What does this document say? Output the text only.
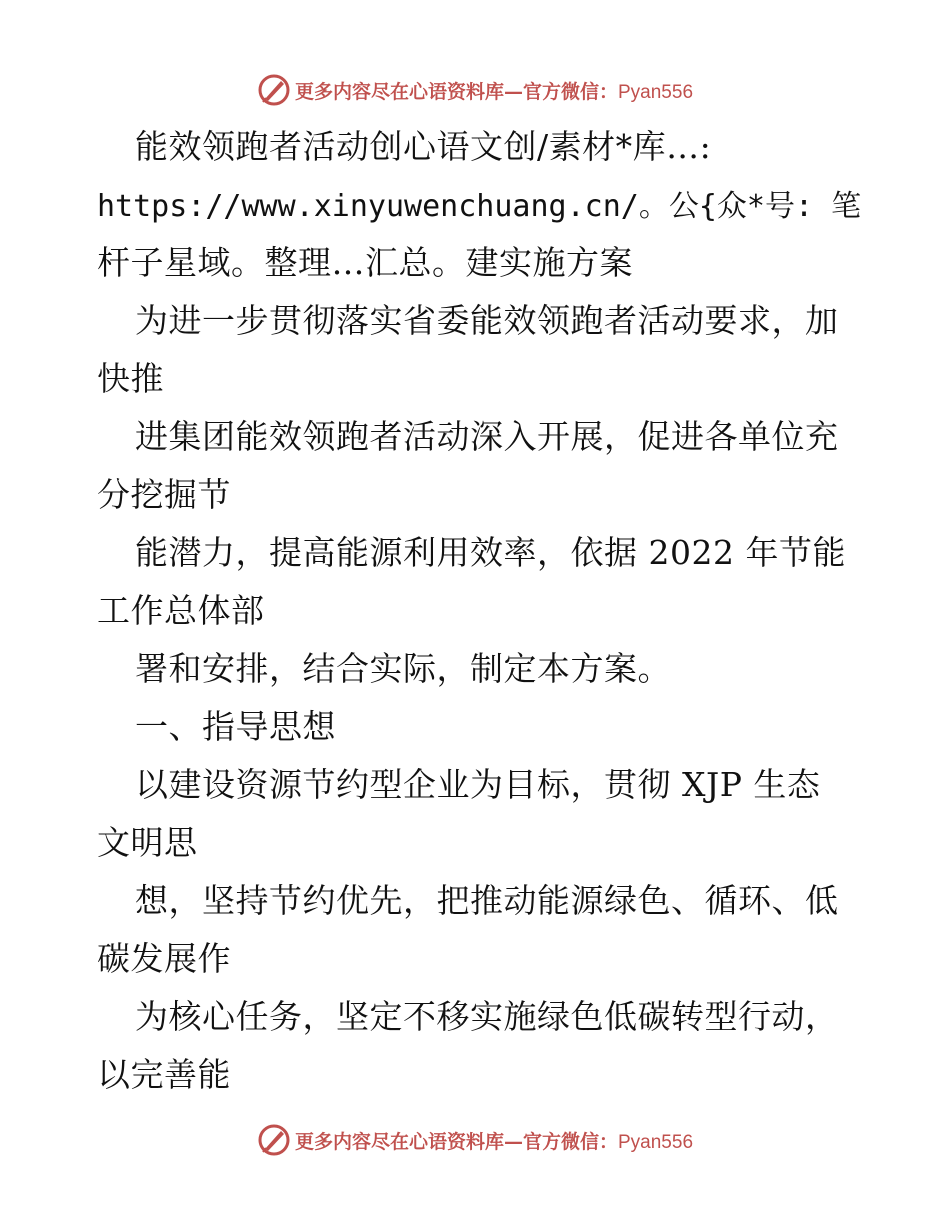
更多内容尽在心语资料库—官方微信：Pyan556
能效领跑者活动创心语文创/素材*库…:
https://www.xinyuwenchuang.cn/。公{众*号: 笔
杆子星域。整理…汇总。建实施方案
为进一步贯彻落实省委能效领跑者活动要求，加
快推
进集团能效领跑者活动深入开展，促进各单位充
分挖掘节
能潜力，提高能源利用效率，依据 2022 年节能
工作总体部
署和安排，结合实际，制定本方案。
一、指导思想
以建设资源节约型企业为目标，贯彻 XJP 生态
文明思
想，坚持节约优先，把推动能源绿色、循环、低
碳发展作
为核心任务，坚定不移实施绿色低碳转型行动，
以完善能
更多内容尽在心语资料库—官方微信：Pyan556
